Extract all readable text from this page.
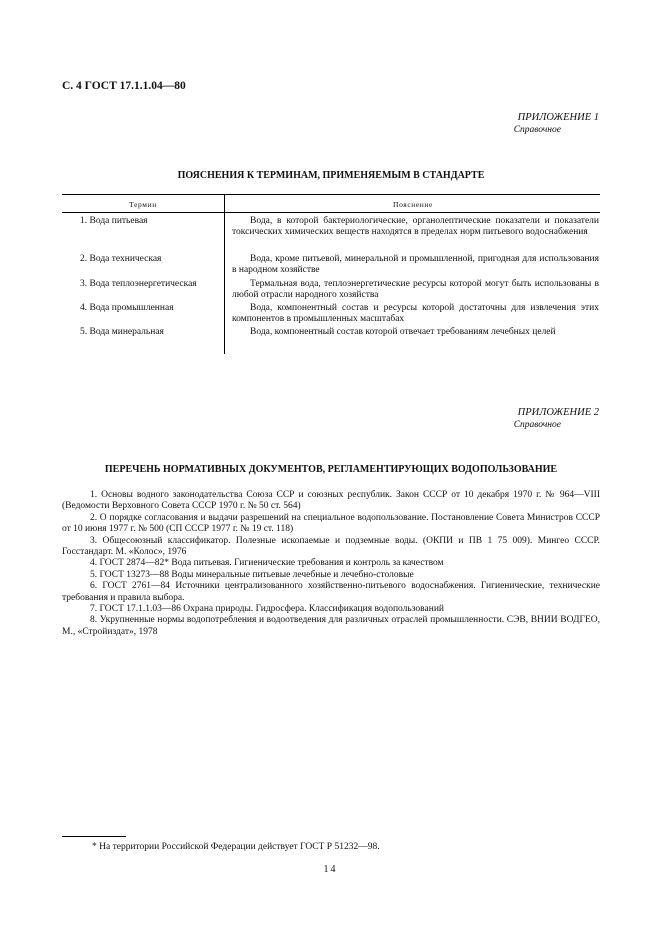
С. 4 ГОСТ 17.1.1.04—80
ПРИЛОЖЕНИЕ 1
Справочное
ПОЯСНЕНИЯ К ТЕРМИНАМ, ПРИМЕНЯЕМЫМ В СТАНДАРТЕ
Термин	Пояснение
1. Вода питьевая	Вода, в которой бактериологические, органолептические показатели и показатели токсических химических веществ находятся в пределах норм питьевого водоснабжения
2. Вода техническая	Вода, кроме питьевой, минеральной и промышленной, пригодная для использования в народном хозяйстве
3. Вода теплоэнергетическая	Термальная вода, теплоэнергетические ресурсы которой могут быть использованы в любой отрасли народного хозяйства
4. Вода промышленная	Вода, компонентный состав и ресурсы которой достаточны для извлечения этих компонентов в промышленных масштабах
5. Вода минеральная	Вода, компонентный состав которой отвечает требованиям лечебных целей
ПРИЛОЖЕНИЕ 2
Справочное
ПЕРЕЧЕНЬ НОРМАТИВНЫХ ДОКУМЕНТОВ, РЕГЛАМЕНТИРУЮЩИХ ВОДОПОЛЬЗОВАНИЕ

1. Основы водного законодательства Союза ССР и союзных республик. Закон СССР от 10 декабря 1970 г. № 964—VIII (Ведомости Верховного Совета СССР 1970 г. № 50 ст. 564)

2. О порядке согласования и выдачи разрешений на специальное водопользование. Постановление Совета Министров СССР от 10 июня 1977 г. № 500 (СП СССР 1977 г. № 19 ст. 118)

3. Общесоюзный классификатор. Полезные ископаемые и подземные воды. (ОКПИ и ПВ 1 75 009). Мингео СССР. Госстандарт. М. «Колос», 1976

4. ГОСТ 2874—82* Вода питьевая. Гигиенические требования и контроль за качеством

5. ГОСТ 13273—88 Воды минеральные питьевые лечебные и лечебно-столовые

6. ГОСТ 2761—84 Источники централизованного хозяйственно-питьевого водоснабжения. Гигиенические, технические требования и правила выбора.

7. ГОСТ 17.1.1.03—86 Охрана природы. Гидросфера. Классификация водопользований

8. Укрупненные нормы водопотребления и водоотведения для различных отраслей промышленности. СЭВ, ВНИИ ВОДГЕО, М., «Стройиздат», 1978

* На территории Российской Федерации действует ГОСТ Р 51232—98.
14
